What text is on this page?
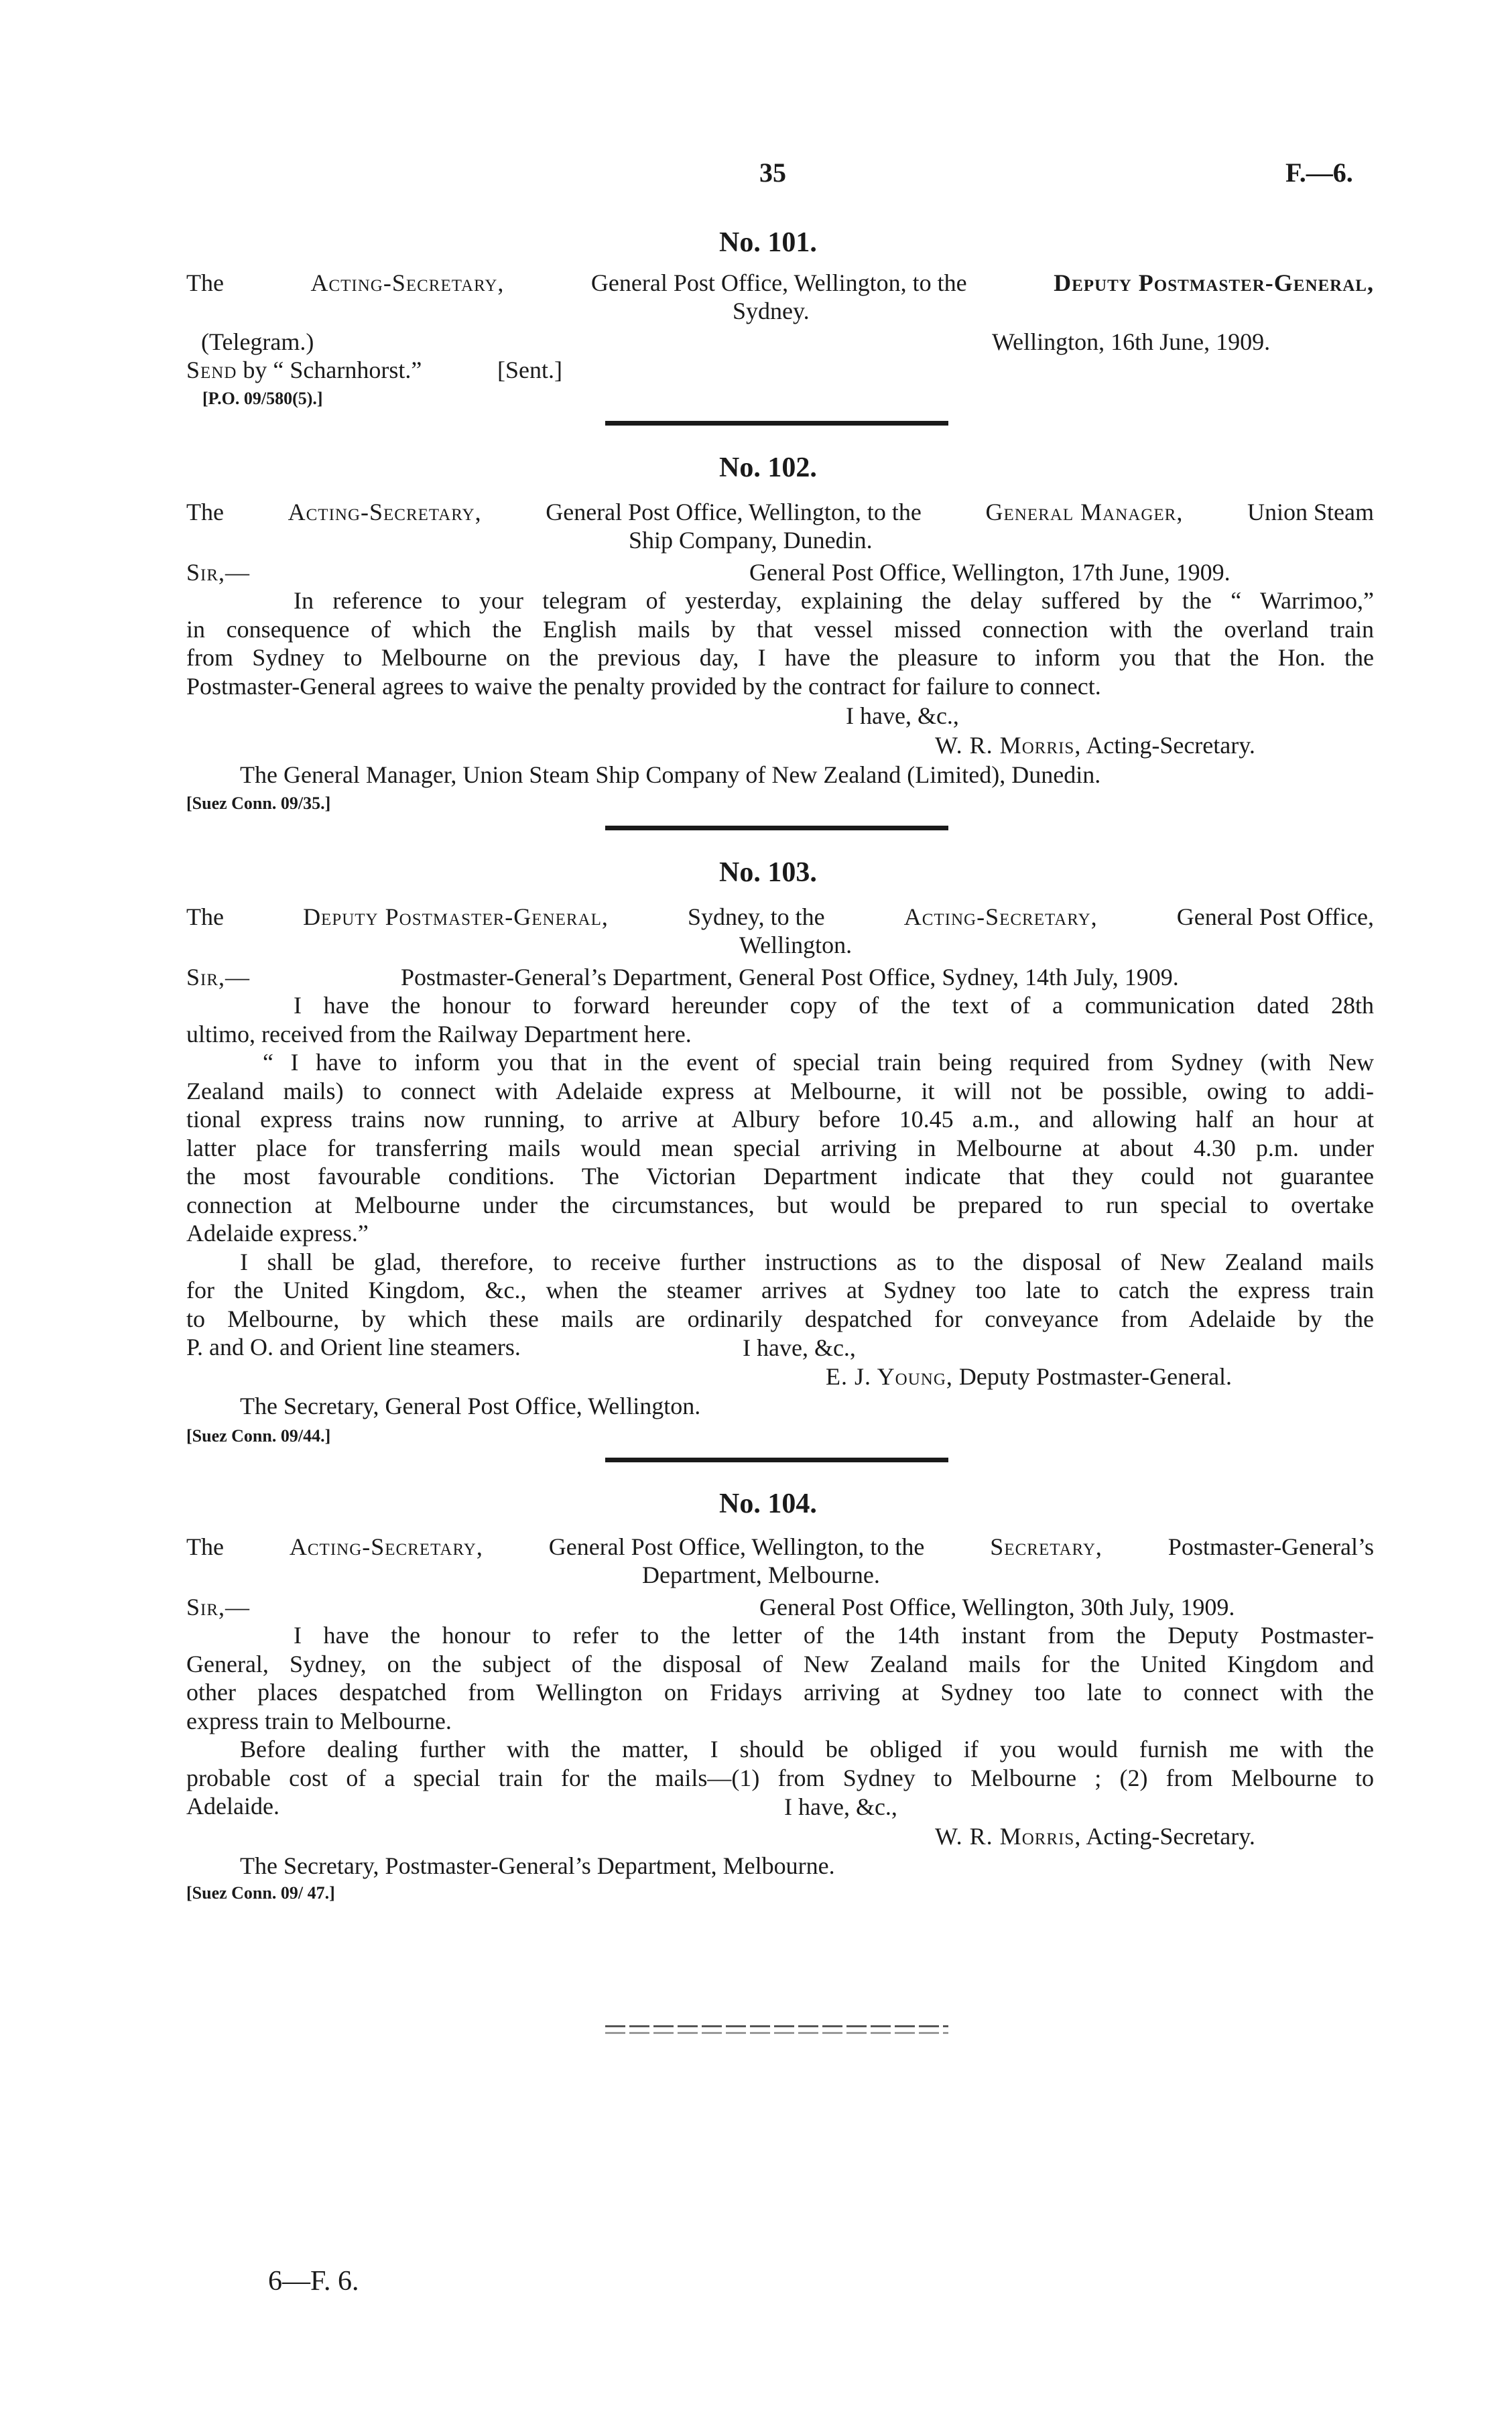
35	F.—6.
No. 101.
The	Acting-Secretary,	General Post Office, Wellington, to the	Deputy Postmaster-General,
Sydney.
(Telegram.)	Wellington, 16th June, 1909.
Send by “ Scharnhorst.”	[Sent.]
[P.O. 09/580(5).]
No. 102.
The	Acting-Secretary,	General Post Office, Wellington, to the	General Manager,	Union Steam
Ship Company, Dunedin.
Sir,—	General Post Office, Wellington, 17th June, 1909.
In reference to your telegram of yesterday, explaining the delay suffered by the “ Warrimoo,”
in consequence of which the English mails by that vessel missed connection with the overland train
from Sydney to Melbourne on the previous day, I have the pleasure to inform you that the Hon. the
Postmaster-General agrees to waive the penalty provided by the contract for failure to connect.
I have, &c.,
W. R. Morris, Acting-Secretary.
The General Manager, Union Steam Ship Company of New Zealand (Limited), Dunedin.
[Suez Conn. 09/35.]
No. 103.
The	Deputy Postmaster-General,	Sydney, to the	Acting-Secretary,	General Post Office,
Wellington.
Sir,—	Postmaster-General’s Department, General Post Office, Sydney, 14th July, 1909.
I have the honour to forward hereunder copy of the text of a communication dated 28th
ultimo, received from the Railway Department here.
“ I have to inform you that in the event of special train being required from Sydney (with New
Zealand mails) to connect with Adelaide express at Melbourne, it will not be possible, owing to addi-
tional express trains now running, to arrive at Albury before 10.45 a.m., and allowing half an hour at
latter place for transferring mails would mean special arriving in Melbourne at about 4.30 p.m. under
the most favourable conditions. The Victorian Department indicate that they could not guarantee
connection at Melbourne under the circumstances, but would be prepared to run special to overtake
Adelaide express.”
I shall be glad, therefore, to receive further instructions as to the disposal of New Zealand mails
for the United Kingdom, &c., when the steamer arrives at Sydney too late to catch the express train
to Melbourne, by which these mails are ordinarily despatched for conveyance from Adelaide by the
P. and O. and Orient line steamers.	I have, &c.,
E. J. Young, Deputy Postmaster-General.
The Secretary, General Post Office, Wellington.
[Suez Conn. 09/44.]
No. 104.
The	Acting-Secretary,	General Post Office, Wellington, to the	Secretary,	Postmaster-General’s
Department, Melbourne.
Sir,—	General Post Office, Wellington, 30th July, 1909.
I have the honour to refer to the letter of the 14th instant from the Deputy Postmaster-
General, Sydney, on the subject of the disposal of New Zealand mails for the United Kingdom and
other places despatched from Wellington on Fridays arriving at Sydney too late to connect with the
express train to Melbourne.
Before dealing further with the matter, I should be obliged if you would furnish me with the
probable cost of a special train for the mails—(1) from Sydney to Melbourne ; (2) from Melbourne to
Adelaide.	I have, &c.,
W. R. Morris, Acting-Secretary.
The Secretary, Postmaster-General’s Department, Melbourne.
[Suez Conn. 09/ 47.]
6—F. 6.
